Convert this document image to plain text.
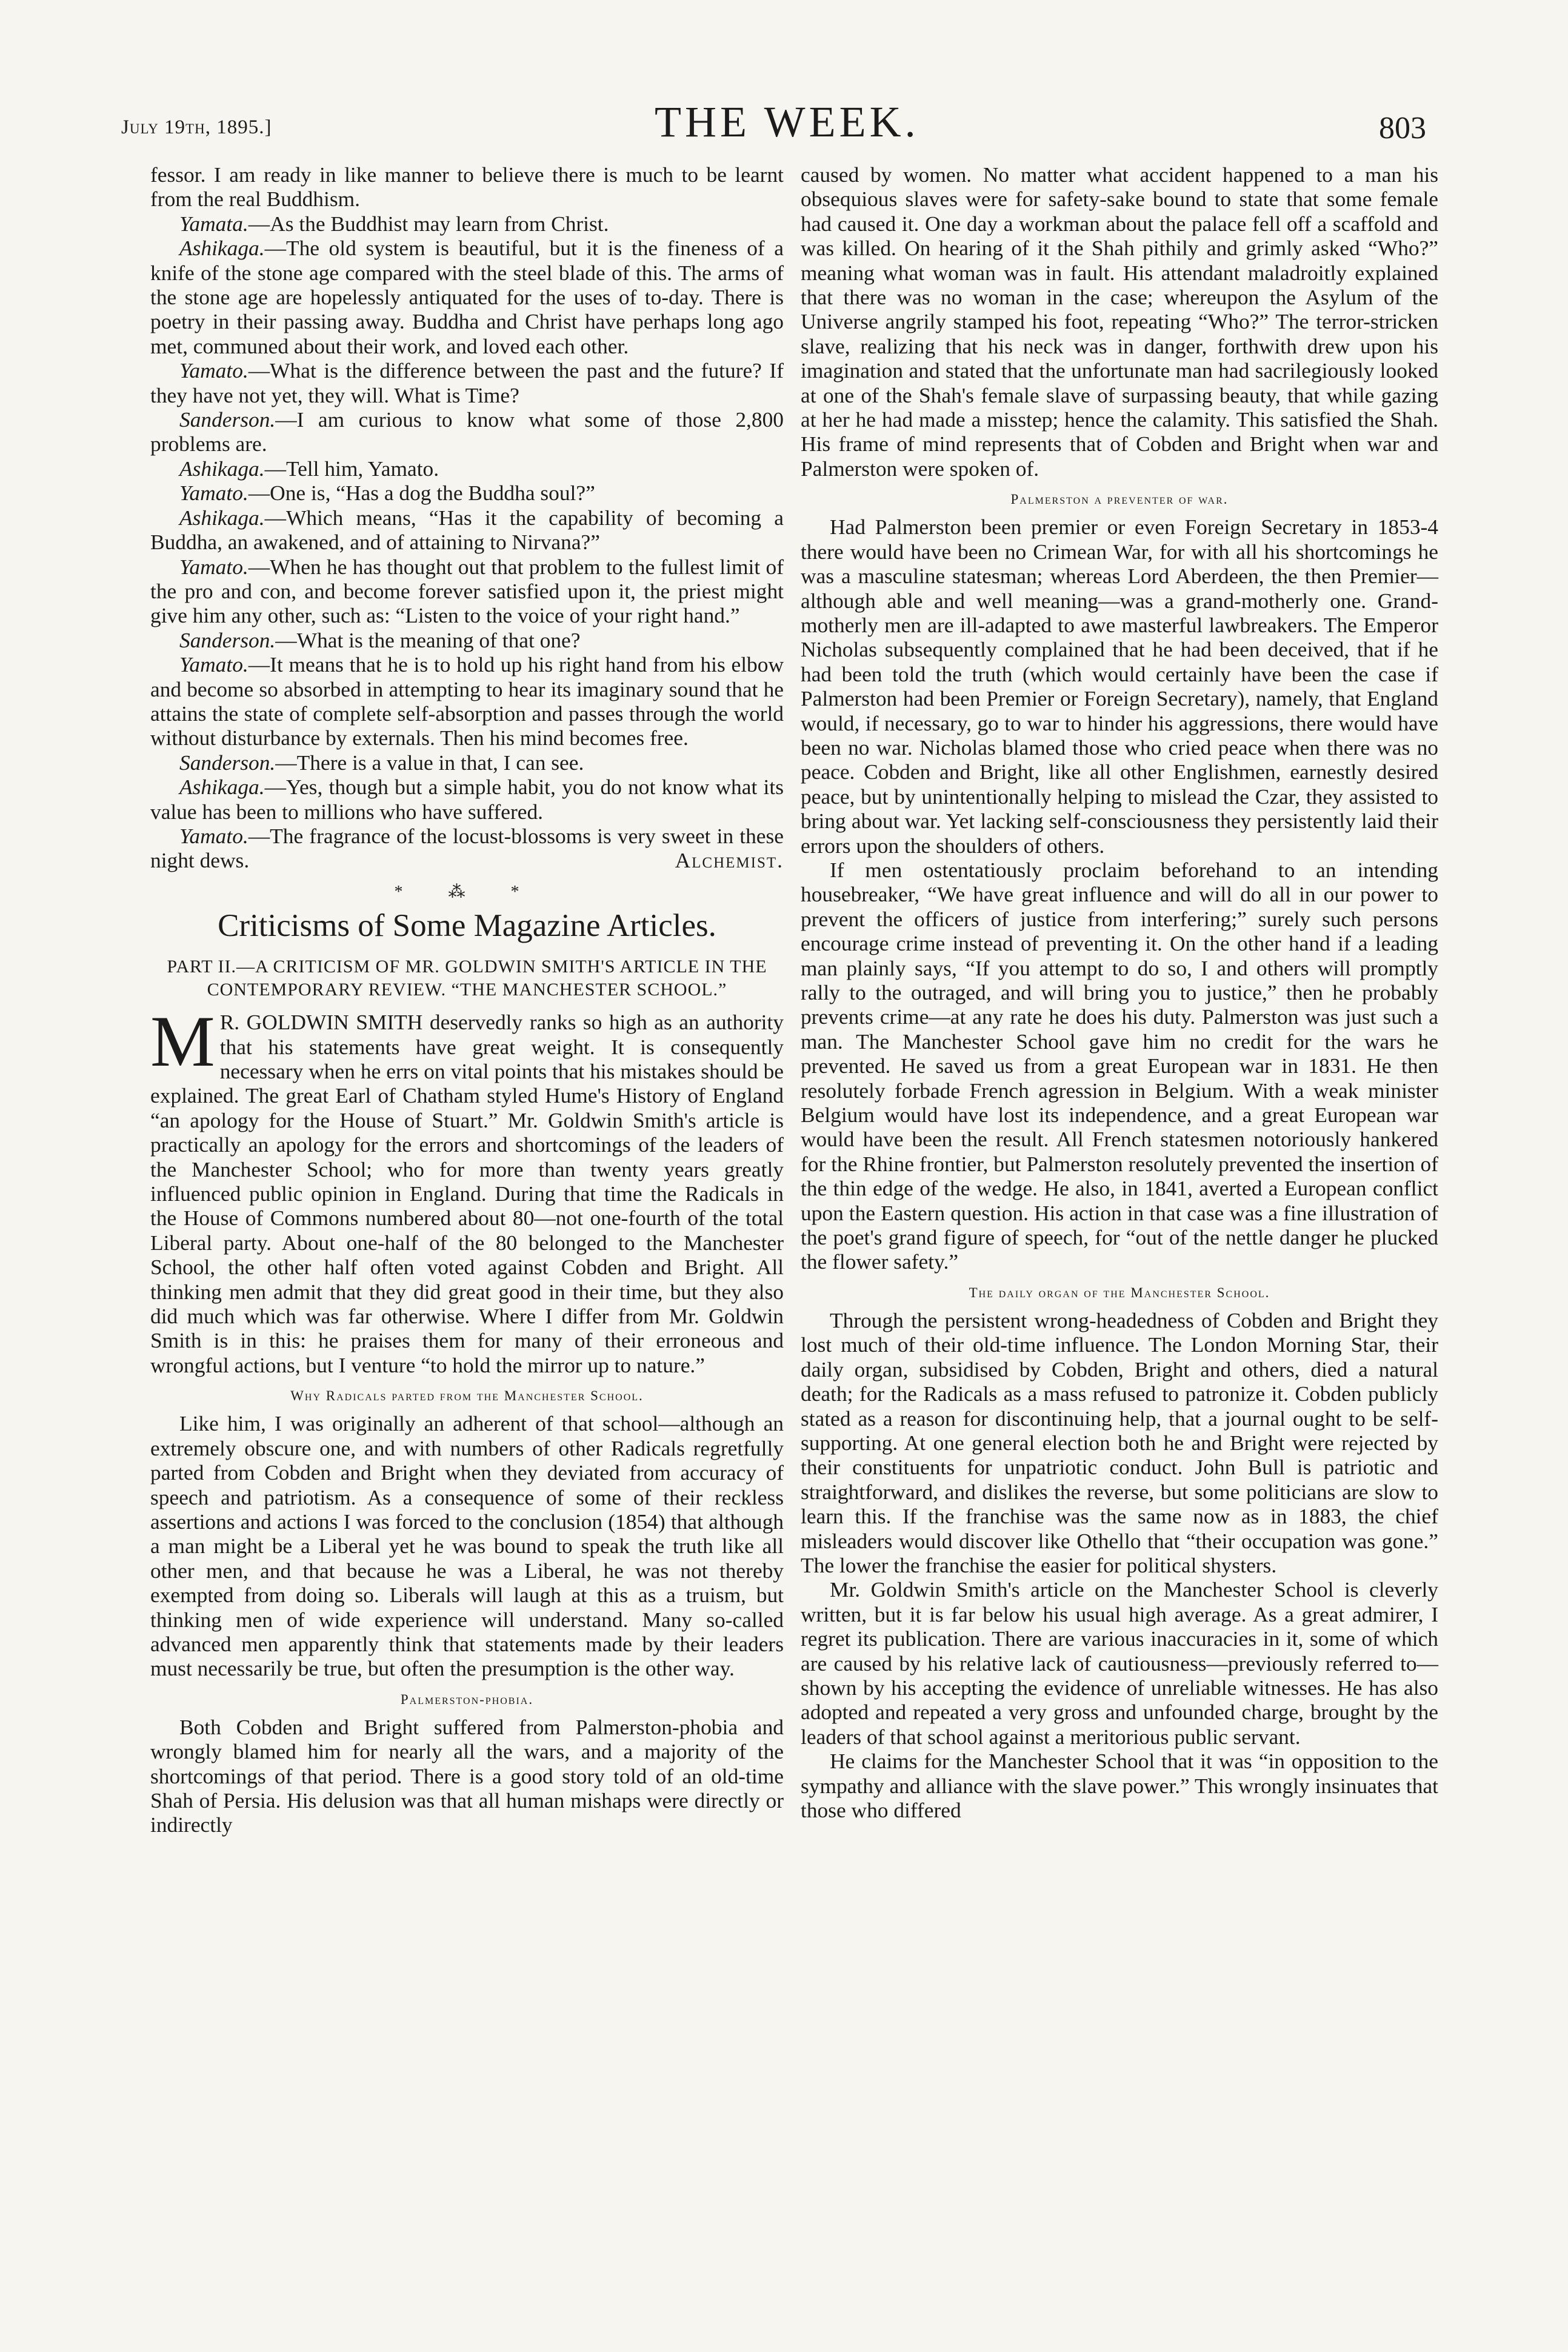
July 19th, 1895.]	THE WEEK.	803

fessor. I am ready in like manner to believe there is much to be learnt from the real Buddhism.

Yamata.—As the Buddhist may learn from Christ.

Ashikaga.—The old system is beautiful, but it is the fineness of a knife of the stone age compared with the steel blade of this. The arms of the stone age are hopelessly antiquated for the uses of to-day. There is poetry in their passing away. Buddha and Christ have perhaps long ago met, communed about their work, and loved each other.

Yamato.—What is the difference between the past and the future? If they have not yet, they will. What is Time?

Sanderson.—I am curious to know what some of those 2,800 problems are.

Ashikaga.—Tell him, Yamato.

Yamato.—One is, “Has a dog the Buddha soul?”

Ashikaga.—Which means, “Has it the capability of becoming a Buddha, an awakened, and of attaining to Nirvana?”

Yamato.—When he has thought out that problem to the fullest limit of the pro and con, and become forever satisfied upon it, the priest might give him any other, such as: “Listen to the voice of your right hand.”

Sanderson.—What is the meaning of that one?

Yamato.—It means that he is to hold up his right hand from his elbow and become so absorbed in attempting to hear its imaginary sound that he attains the state of complete self-absorption and passes through the world without disturbance by externals. Then his mind becomes free.

Sanderson.—There is a value in that, I can see.

Ashikaga.—Yes, though but a simple habit, you do not know what its value has been to millions who have suffered.

Yamato.—The fragrance of the locust-blossoms is very sweet in these night dews.	Alchemist.

* ⁂ *
Criticisms of Some Magazine Articles.
PART II.—A CRITICISM OF MR. GOLDWIN SMITH'S ARTICLE IN THE CONTEMPORARY REVIEW. “THE MANCHESTER SCHOOL.”

M R. GOLDWIN SMITH deservedly ranks so high as an authority that his statements have great weight. It is consequently necessary when he errs on vital points that his mistakes should be explained. The great Earl of Chatham styled Hume's History of England “an apology for the House of Stuart.” Mr. Goldwin Smith's article is practically an apology for the errors and shortcomings of the leaders of the Manchester School; who for more than twenty years greatly influenced public opinion in England. During that time the Radicals in the House of Commons numbered about 80—not one-fourth of the total Liberal party. About one-half of the 80 belonged to the Manchester School, the other half often voted against Cobden and Bright. All thinking men admit that they did great good in their time, but they also did much which was far otherwise. Where I differ from Mr. Goldwin Smith is in this: he praises them for many of their erroneous and wrongful actions, but I venture “to hold the mirror up to nature.”

Why Radicals parted from the Manchester School.

Like him, I was originally an adherent of that school—although an extremely obscure one, and with numbers of other Radicals regretfully parted from Cobden and Bright when they deviated from accuracy of speech and patriotism. As a consequence of some of their reckless assertions and actions I was forced to the conclusion (1854) that although a man might be a Liberal yet he was bound to speak the truth like all other men, and that because he was a Liberal, he was not thereby exempted from doing so. Liberals will laugh at this as a truism, but thinking men of wide experience will understand. Many so-called advanced men apparently think that statements made by their leaders must necessarily be true, but often the presumption is the other way.

Palmerston-phobia.

Both Cobden and Bright suffered from Palmerston-phobia and wrongly blamed him for nearly all the wars, and a majority of the shortcomings of that period. There is a good story told of an old-time Shah of Persia. His delusion was that all human mishaps were directly or indirectly

caused by women. No matter what accident happened to a man his obsequious slaves were for safety-sake bound to state that some female had caused it. One day a workman about the palace fell off a scaffold and was killed. On hearing of it the Shah pithily and grimly asked “Who?” meaning what woman was in fault. His attendant maladroitly explained that there was no woman in the case; whereupon the Asylum of the Universe angrily stamped his foot, repeating “Who?” The terror-stricken slave, realizing that his neck was in danger, forthwith drew upon his imagination and stated that the unfortunate man had sacrilegiously looked at one of the Shah's female slave of surpassing beauty, that while gazing at her he had made a misstep; hence the calamity. This satisfied the Shah. His frame of mind represents that of Cobden and Bright when war and Palmerston were spoken of.

Palmerston a preventer of war.

Had Palmerston been premier or even Foreign Secretary in 1853-4 there would have been no Crimean War, for with all his shortcomings he was a masculine statesman; whereas Lord Aberdeen, the then Premier—although able and well meaning—was a grand-motherly one. Grand-motherly men are ill-adapted to awe masterful lawbreakers. The Emperor Nicholas subsequently complained that he had been deceived, that if he had been told the truth (which would certainly have been the case if Palmerston had been Premier or Foreign Secretary), namely, that England would, if necessary, go to war to hinder his aggressions, there would have been no war. Nicholas blamed those who cried peace when there was no peace. Cobden and Bright, like all other Englishmen, earnestly desired peace, but by unintentionally helping to mislead the Czar, they assisted to bring about war. Yet lacking self-consciousness they persistently laid their errors upon the shoulders of others.

If men ostentatiously proclaim beforehand to an intending housebreaker, “We have great influence and will do all in our power to prevent the officers of justice from interfering;” surely such persons encourage crime instead of preventing it. On the other hand if a leading man plainly says, “If you attempt to do so, I and others will promptly rally to the outraged, and will bring you to justice,” then he probably prevents crime—at any rate he does his duty. Palmerston was just such a man. The Manchester School gave him no credit for the wars he prevented. He saved us from a great European war in 1831. He then resolutely forbade French agression in Belgium. With a weak minister Belgium would have lost its independence, and a great European war would have been the result. All French statesmen notoriously hankered for the Rhine frontier, but Palmerston resolutely prevented the insertion of the thin edge of the wedge. He also, in 1841, averted a European conflict upon the Eastern question. His action in that case was a fine illustration of the poet's grand figure of speech, for “out of the nettle danger he plucked the flower safety.”

The daily organ of the Manchester School.

Through the persistent wrong-headedness of Cobden and Bright they lost much of their old-time influence. The London Morning Star, their daily organ, subsidised by Cobden, Bright and others, died a natural death; for the Radicals as a mass refused to patronize it. Cobden publicly stated as a reason for discontinuing help, that a journal ought to be self-supporting. At one general election both he and Bright were rejected by their constituents for unpatriotic conduct. John Bull is patriotic and straightforward, and dislikes the reverse, but some politicians are slow to learn this. If the franchise was the same now as in 1883, the chief misleaders would discover like Othello that “their occupation was gone.” The lower the franchise the easier for political shysters.

Mr. Goldwin Smith's article on the Manchester School is cleverly written, but it is far below his usual high average. As a great admirer, I regret its publication. There are various inaccuracies in it, some of which are caused by his relative lack of cautiousness—previously referred to—shown by his accepting the evidence of unreliable witnesses. He has also adopted and repeated a very gross and unfounded charge, brought by the leaders of that school against a meritorious public servant.

He claims for the Manchester School that it was “in opposition to the sympathy and alliance with the slave power.” This wrongly insinuates that those who differed
